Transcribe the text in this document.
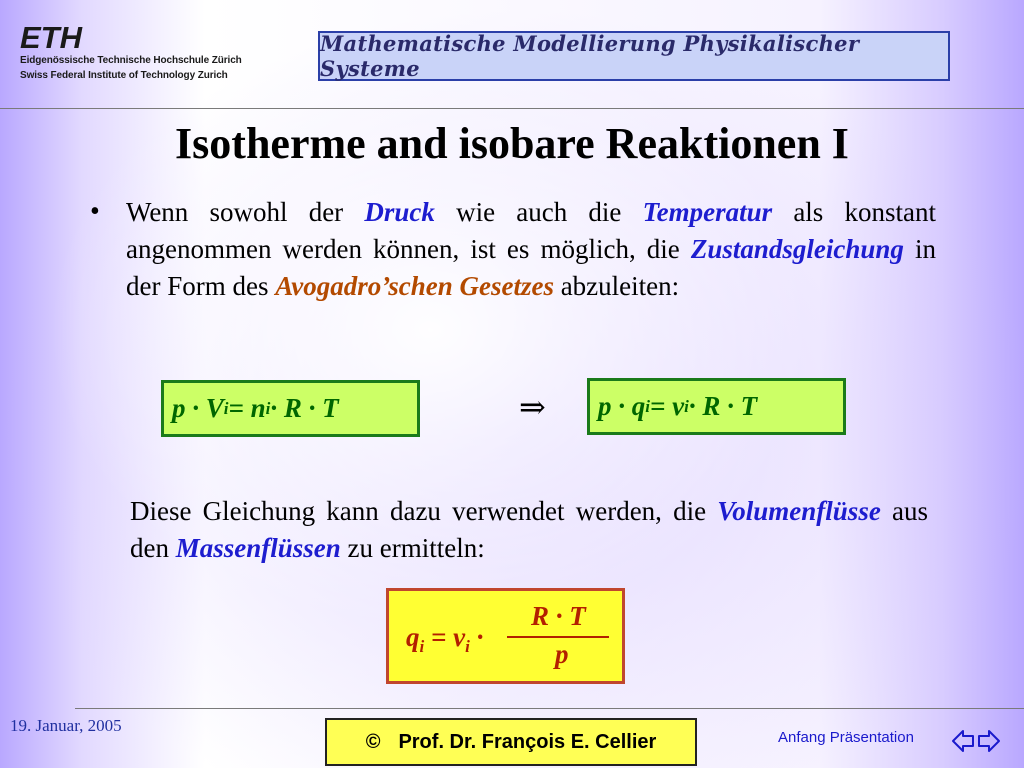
ETH
Eidgenössische Technische Hochschule Zürich
Swiss Federal Institute of Technology Zurich
Mathematische Modellierung Physikalischer Systeme
Isotherme and isobare Reaktionen I
• Wenn sowohl der Druck wie auch die Temperatur als konstant angenommen werden können, ist es möglich, die Zustandsgleichung in der Form des Avogadro’schen Gesetzes abzuleiten:
p · V i = n i · R · T	⇒ p · q i = ν i · R · T
Diese Gleichung kann dazu verwendet werden, die Volumenflüsse aus den Massenflüssen zu ermitteln:
$q_i = \nu_i$ ·
R · T
p
19. Januar, 2005
© Prof. Dr. François E. Cellier	Anfang Präsentation
